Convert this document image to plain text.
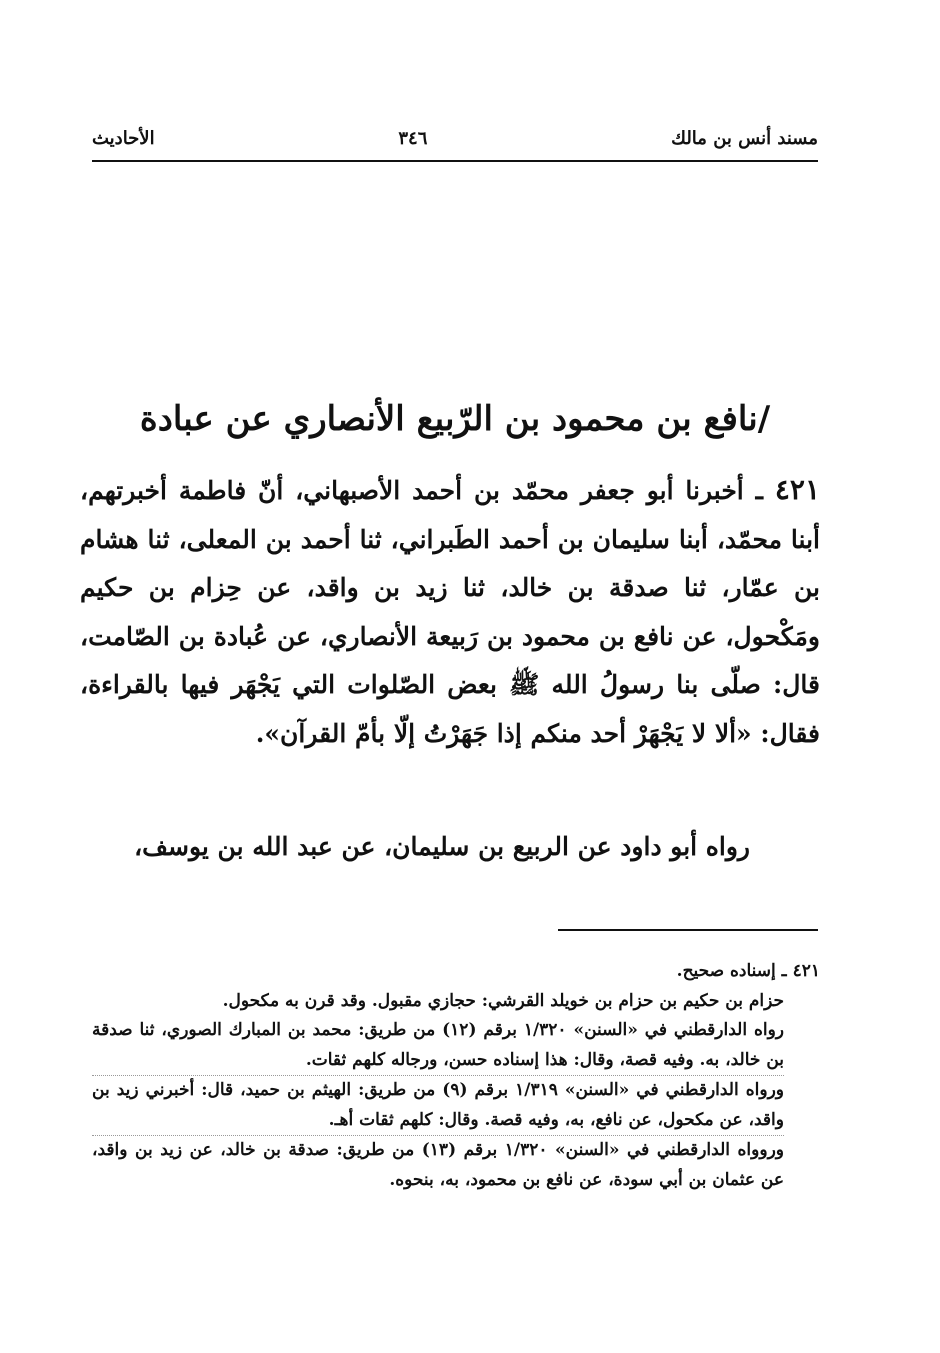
مسند أنس بن مالك
٣٤٦
الأحاديث
/نافع بن محمود بن الرّبيع الأنصاري عن عبادة

٤٢١ ـ أخبرنا أبو جعفر محمّد بن أحمد الأصبهاني، أنّ فاطمة أخبرتهم، أبنا محمّد، أبنا سليمان بن أحمد الطَبراني، ثنا أحمد بن المعلى، ثنا هشام بن عمّار، ثنا صدقة بن خالد، ثنا زيد بن واقد، عن حِزام بن حكيم ومَكْحول، عن نافع بن محمود بن رَبيعة الأنصاري، عن عُبادة بن الصّامت، قال: صلّى بنا رسولُ الله ﷺ بعض الصّلوات التي يَجْهَر فيها بالقراءة، فقال: «ألا لا يَجْهَرْ أحد منكم إذا جَهَرْتُ إلّا بأمّ القرآن».

رواه أبو داود عن الربيع بن سليمان، عن عبد الله بن يوسف،

٤٢١ ـ إسناده صحيح.

حزام بن حكيم بن حزام بن خويلد القرشي: حجازي مقبول. وقد قرن به مكحول.

رواه الدارقطني في «السنن» ١/٣٢٠ برقم (١٢) من طريق: محمد بن المبارك الصوري، ثنا صدقة بن خالد، به. وفيه قصة، وقال: هذا إسناده حسن، ورجاله كلهم ثقات.

ورواه الدارقطني في «السنن» ١/٣١٩ برقم (٩) من طريق: الهيثم بن حميد، قال: أخبرني زيد بن واقد، عن مكحول، عن نافع، به، وفيه قصة. وقال: كلهم ثقات أهـ.

وروواه الدارقطني في «السنن» ١/٣٢٠ برقم (١٣) من طريق: صدقة بن خالد، عن زيد بن واقد، عن عثمان بن أبي سودة، عن نافع بن محمود، به، بنحوه.
